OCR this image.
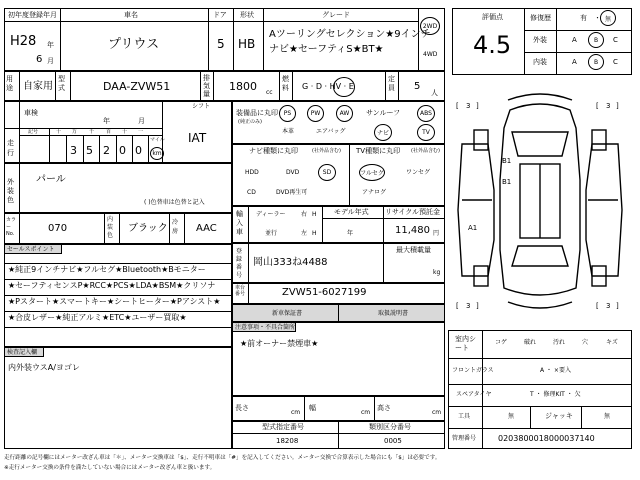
初年度登録年月
H28 年
6 月
車名
プリウス
ドア
5
形状
HB
グレード
Aツーリングセレクション★9インチ
ナビ★セーフティS★BT★
2WD
4WD
用途	自家用
型式	DAA-ZVW51
排気量
1800 cc
燃料 G · D · HV · E
定員 5
人
評価点
4.5
修復歴	有 ・ 無
外装	A	B	C
内装	A	B	C
車検
年	月
シフト
IAT
走行
記号	十 万 千 百 十 一
3 5 2 0 0
マイル
km
外装色
パール
( )色替車は色替と記入
カラーNo.	070
内装色
ブラック
冷房 AAC
装備品に丸印
(純正のみ)
PS	PW	AW	サンルーフ	ABS
本革	エアバッグ	ナビ	TV
ナビ種類に丸印	(社外品含む)
HDD	DVD	SD
CD	DVD再生可
TV種類に丸印 (社外品含む)
フルセグ	ワンセグ
アナログ
輸入車
ディーラー
並行
右 H
左 H
モデル年式
年
リサイクル預託金
11,480 円
登録番号
岡山333ね4488
最大積載量
kg
車台番号	ZVW51-6027199
新車保証書	取扱説明書
セールスポイント
★純正9インチナビ★フルセグ★Bluetooth★Bモニター
★セーフティセンスP★RCC★PCS★LDA★BSM★クリソナ
★Pスタート★スマートキー★シートヒーター★Pアシスト★
★合皮レザー★純正アルミ★ETC★ユーザー買取★
注意事項・不具合箇所
★前オーナー禁煙車★
検査記入欄
内外装ウスA/ヨゴレ
長さ
cm
幅
cm
高さ
cm
型式指定番号
18208
類別区分番号
0005
室内シート
コゲ	破れ	汚れ	穴	キズ
フロントガラス	A ・ ×要入
スペアタイヤ	T ・ 修理KIT ・ 欠
工具	無	ジャッキ	無
管理番号	0203800018000037140
[ 3 ]	[ 3 ]
[ 3 ]	[ 3 ]
B1
B1
A1
走行距離の記号欄にはメーター改ざん車は「＊」、メーター交換車は「$」、走行不明車は「#」を記入してください。メーター交換で合算表示した場合にも「$」は必要です。
※走行メーター交換の条件を満たしていない場合にはメーター改ざん車と扱います。
